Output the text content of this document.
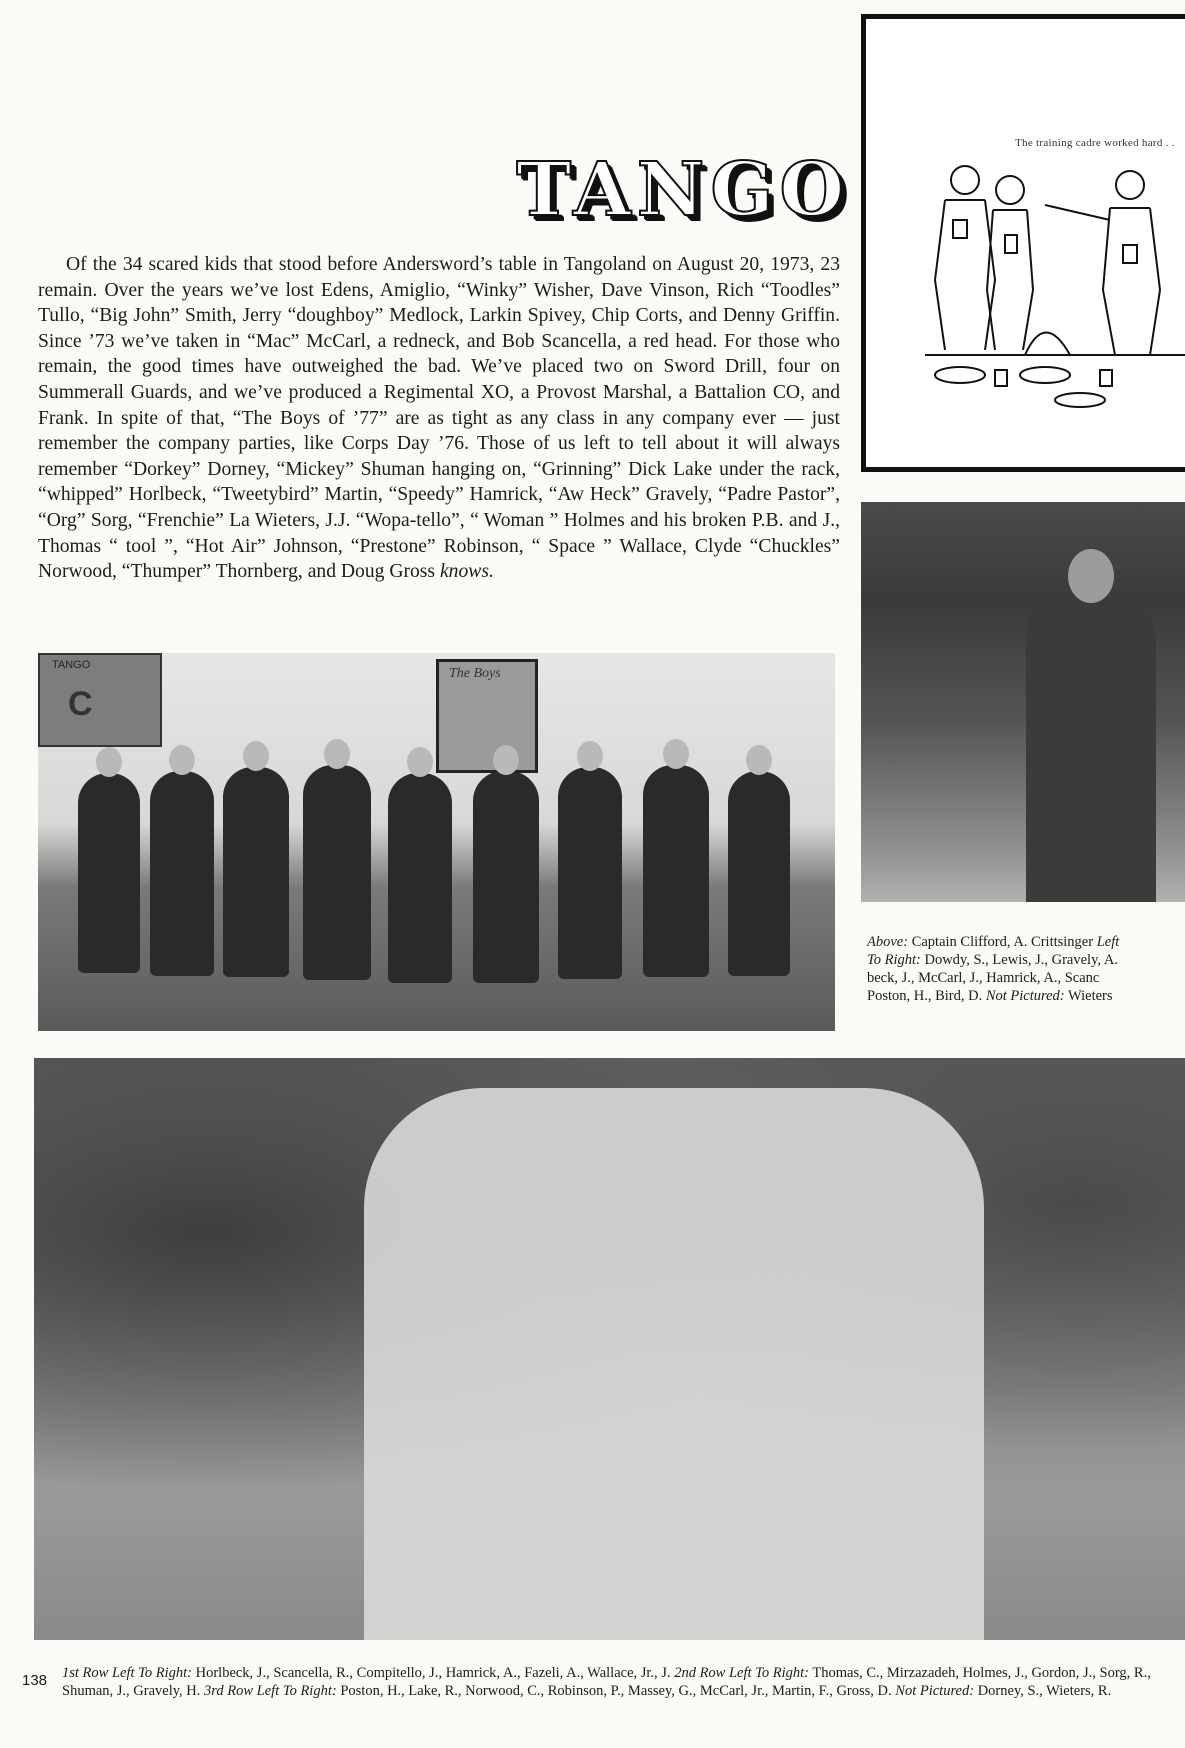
TANGO
Of the 34 scared kids that stood before Andersword’s table in Tangoland on August 20, 1973, 23 remain. Over the years we’ve lost Edens, Amiglio, “Winky” Wisher, Dave Vinson, Rich “Toodles” Tullo, “Big John” Smith, Jerry “doughboy” Medlock, Larkin Spivey, Chip Corts, and Denny Griffin. Since ’73 we’ve taken in “Mac” McCarl, a redneck, and Bob Scancella, a red head. For those who remain, the good times have outweighed the bad. We’ve placed two on Sword Drill, four on Summerall Guards, and we’ve produced a Regimental XO, a Provost Marshal, a Battalion CO, and Frank. In spite of that, “The Boys of ’77” are as tight as any class in any company ever — just remember the company parties, like Corps Day ’76. Those of us left to tell about it will always remember “Dorkey” Dorney, “Mickey” Shuman hanging on, “Grinning” Dick Lake under the rack, “whipped” Horlbeck, “Tweetybird” Martin, “Speedy” Hamrick, “Aw Heck” Gravely, “Padre Pastor”, “Org” Sorg, “Frenchie” La Wieters, J.J. “Wopa-tello”, “ Woman ” Holmes and his broken P.B. and J., Thomas “ tool ”, “Hot Air” Johnson, “Prestone” Robinson, “ Space ” Wallace, Clyde “Chuckles” Norwood, “Thumper” Thornberg, and Doug Gross knows.
The training cadre worked hard . .
TANGO
C
The Boys
Above: Captain Clifford, A. Crittsinger Left
To Right: Dowdy, S., Lewis, J., Gravely, A.
beck, J., McCarl, J., Hamrick, A., Scanc
Poston, H., Bird, D. Not Pictured: Wieters
138 1st Row Left To Right: Horlbeck, J., Scancella, R., Compitello, J., Hamrick, A., Fazeli, A., Wallace, Jr., J. 2nd Row Left To Right: Thomas, C., Mirzazadeh, Holmes, J., Gordon, J., Sorg, R., Shuman, J., Gravely, H. 3rd Row Left To Right: Poston, H., Lake, R., Norwood, C., Robinson, P., Massey, G., McCarl, Jr., Martin, F., Gross, D. Not Pictured: Dorney, S., Wieters, R.
